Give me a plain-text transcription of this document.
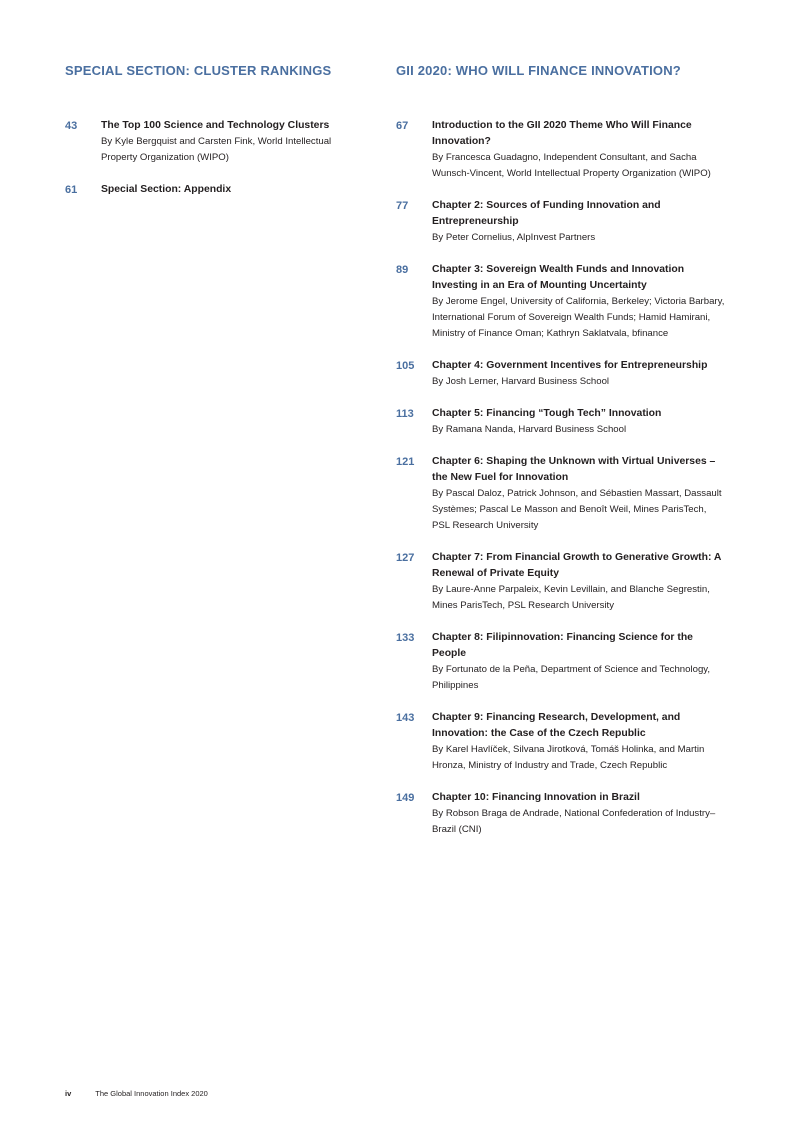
SPECIAL SECTION: CLUSTER RANKINGS
43	The Top 100 Science and Technology Clusters
By Kyle Bergquist and Carsten Fink, World Intellectual Property Organization (WIPO)
61	Special Section: Appendix
GII 2020: WHO WILL FINANCE INNOVATION?
67	Introduction to the GII 2020 Theme Who Will Finance Innovation?
By Francesca Guadagno, Independent Consultant, and Sacha Wunsch-Vincent, World Intellectual Property Organization (WIPO)
77	Chapter 2: Sources of Funding Innovation and Entrepreneurship
By Peter Cornelius, AlpInvest Partners
89	Chapter 3: Sovereign Wealth Funds and Innovation Investing in an Era of Mounting Uncertainty
By Jerome Engel, University of California, Berkeley; Victoria Barbary, International Forum of Sovereign Wealth Funds; Hamid Hamirani, Ministry of Finance Oman; Kathryn Saklatvala, bfinance
105	Chapter 4: Government Incentives for Entrepreneurship
By Josh Lerner, Harvard Business School
113	Chapter 5: Financing “Tough Tech” Innovation
By Ramana Nanda, Harvard Business School
121	Chapter 6: Shaping the Unknown with Virtual Universes – the New Fuel for Innovation
By Pascal Daloz, Patrick Johnson, and Sébastien Massart, Dassault Systèmes; Pascal Le Masson and Benoît Weil, Mines ParisTech, PSL Research University
127	Chapter 7: From Financial Growth to Generative Growth: A Renewal of Private Equity
By Laure-Anne Parpaleix, Kevin Levillain, and Blanche Segrestin, Mines ParisTech, PSL Research University
133	Chapter 8: Filipinnovation: Financing Science for the People
By Fortunato de la Peña, Department of Science and Technology, Philippines
143	Chapter 9: Financing Research, Development, and Innovation: the Case of the Czech Republic
By Karel Havlíček, Silvana Jirotková, Tomáš Holinka, and Martin Hronza, Ministry of Industry and Trade, Czech Republic
149	Chapter 10: Financing Innovation in Brazil
By Robson Braga de Andrade, National Confederation of Industry–Brazil (CNI)
iv	The Global Innovation Index 2020
